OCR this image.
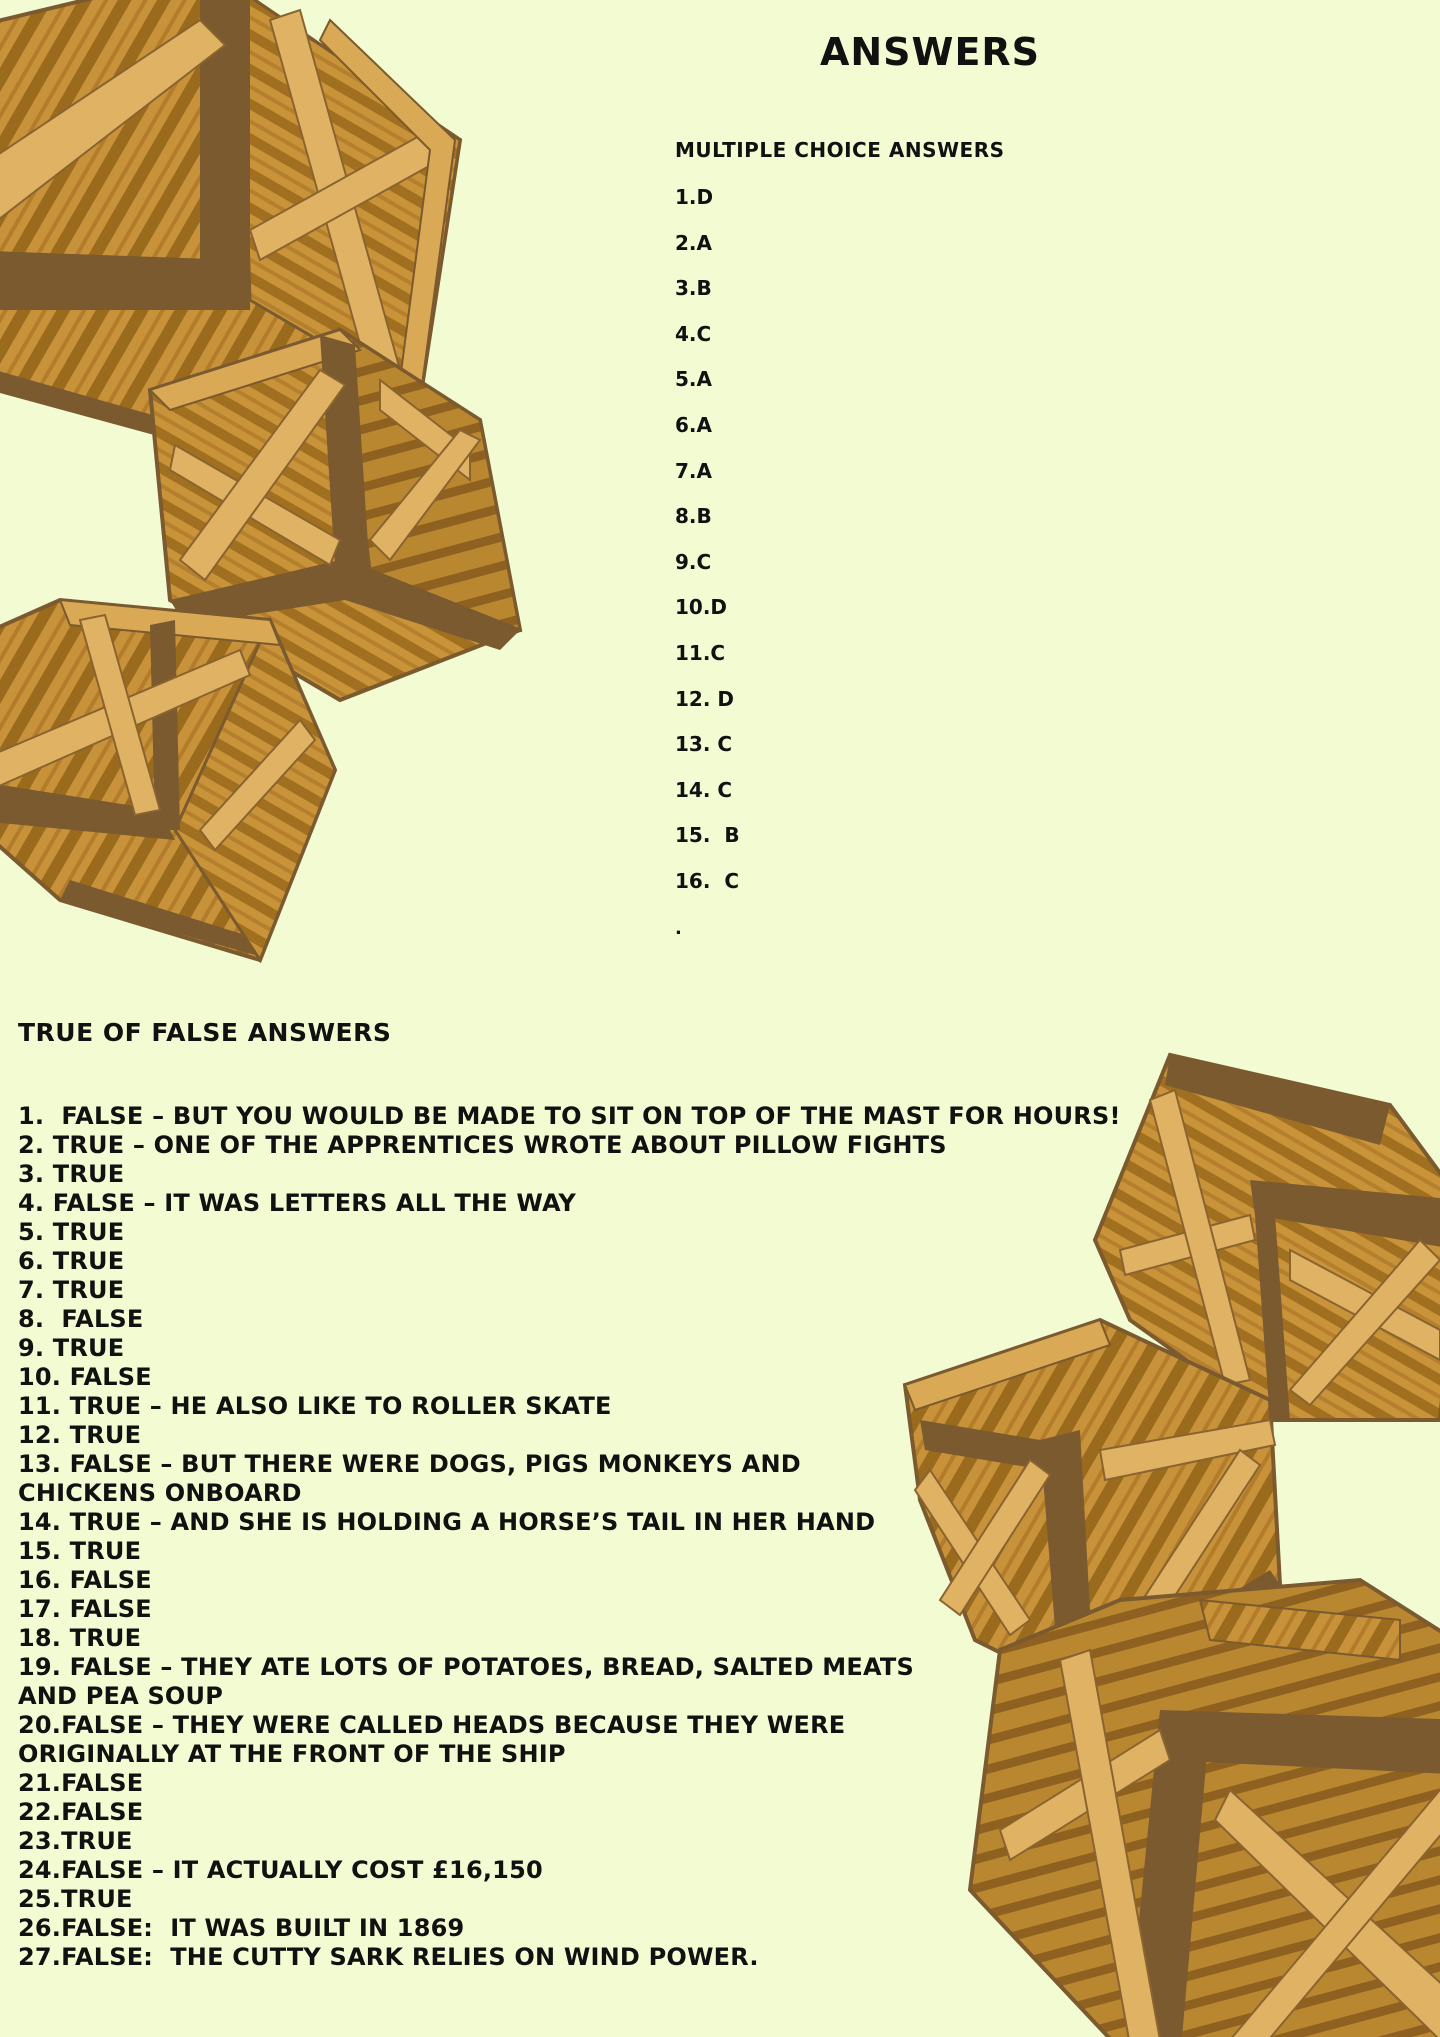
ANSWERS
MULTIPLE CHOICE ANSWERS
1.D
2.A
3.B
4.C
5.A
6.A
7.A
8.B
9.C
10.D
11.C
12. D
13. C
14. C
15.  B
16.  C
.
TRUE OF FALSE ANSWERS
1.  FALSE – BUT YOU WOULD BE MADE TO SIT ON TOP OF THE MAST FOR HOURS!
2. TRUE – ONE OF THE APPRENTICES WROTE ABOUT PILLOW FIGHTS
3. TRUE
4. FALSE – IT WAS LETTERS ALL THE WAY
5. TRUE
6. TRUE
7. TRUE
8.  FALSE
9. TRUE
10. FALSE
11. TRUE – HE ALSO LIKE TO ROLLER SKATE
12. TRUE
13. FALSE – BUT THERE WERE DOGS, PIGS MONKEYS AND
CHICKENS ONBOARD
14. TRUE – AND SHE IS HOLDING A HORSE’S TAIL IN HER HAND
15. TRUE
16. FALSE
17. FALSE
18. TRUE
19. FALSE – THEY ATE LOTS OF POTATOES, BREAD, SALTED MEATS
AND PEA SOUP
20.FALSE – THEY WERE CALLED HEADS BECAUSE THEY WERE
ORIGINALLY AT THE FRONT OF THE SHIP
21.FALSE
22.FALSE
23.TRUE
24.FALSE – IT ACTUALLY COST £16,150
25.TRUE
26.FALSE:  IT WAS BUILT IN 1869
27.FALSE:  THE CUTTY SARK RELIES ON WIND POWER.
